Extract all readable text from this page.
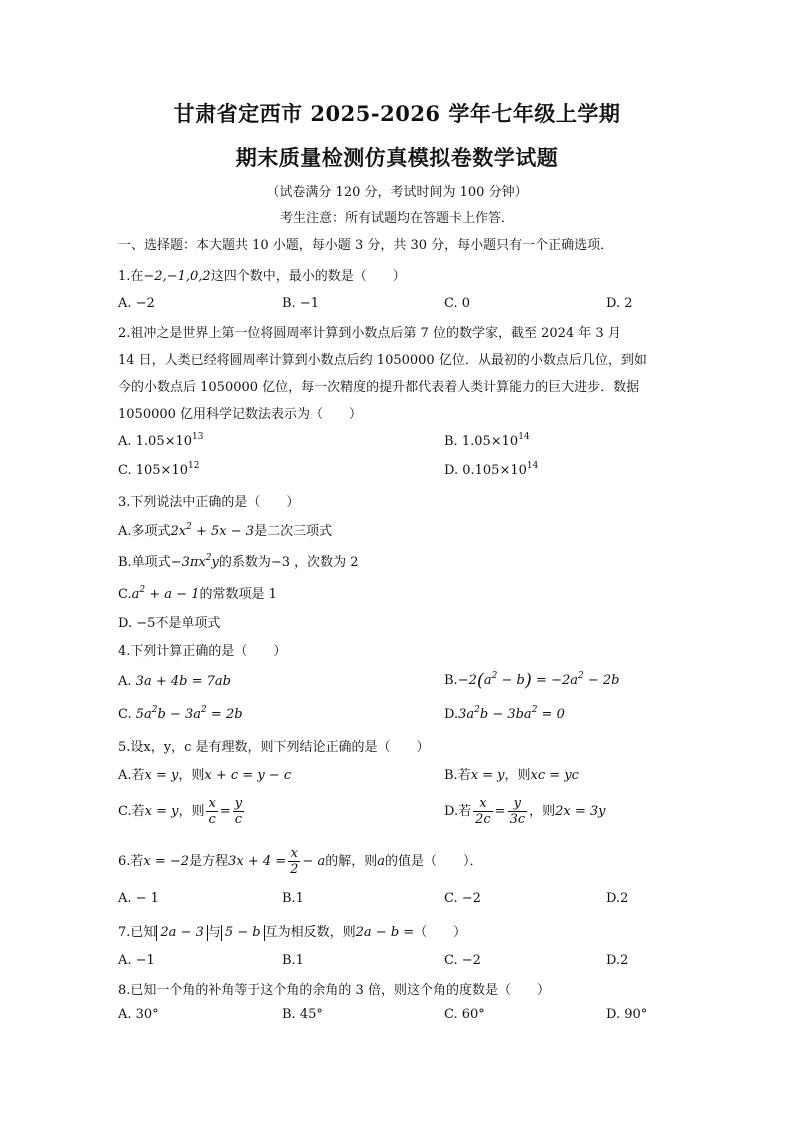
甘肃省定西市 2025-2026 学年七年级上学期
期末质量检测仿真模拟卷数学试题
（试卷满分 120 分，考试时间为 100 分钟）
考生注意：所有试题均在答题卡上作答．
一、选择题：本大题共 10 小题，每小题 3 分，共 30 分，每小题只有一个正确选项．
1.在−2,−1,0,2这四个数中，最小的数是（　　）
A. −2	B. −1	C. 0	D. 2
2.祖冲之是世界上第一位将圆周率计算到小数点后第 7 位的数学家，截至 2024 年 3 月
14 日，人类已经将圆周率计算到小数点后约 1050000 亿位．从最初的小数点后几位，到如
今的小数点后 1050000 亿位，每一次精度的提升都代表着人类计算能力的巨大进步．数据
1050000 亿用科学记数法表示为（　　）
A. $1.05\times 10^{13}$	B. $1.05\times 10^{14}$
C. $105\times 10^{12}$	D. $0.105\times 10^{14}$
3.下列说法中正确的是（　　）
A.多项式$2x^2 + 5x - 3$是二次三项式
B.单项式$-3\pi x^2y$的系数为−3 ，次数为 2
$C.a^2 + a - 1$的常数项是 1
D. −5不是单项式
4.下列计算正确的是（　　）
A. 3a + 4b = 7ab	$B.-2(a^2 - b) = -2a^2 - 2b$
C. $5a^2b - 3a^2 = 2b$	$D.3a^2b - 3ba^2 = 0$
5.设x，y，c 是有理数，则下列结论正确的是（　　）
A.若x = y，则x + c = y − c	B.若x = y，则xc = yc
C.若x = y，则 $\frac{x}{c} = \frac{y}{c}$	D.若 $\frac{x}{2c} = \frac{y}{3c}$ ，则2x = 3y
6.若x = −2是方程$3x + 4 = \frac{x}{2} - a$的解，则a的值是（　　）．
A. − 1	B.1	C. −2	D.2
7.已知 2a − 3 与 5 − b 互为相反数，则2a − b =（　　）
A. −1	B.1	C. −2	D.2
8.已知一个角的补角等于这个角的余角的 3 倍，则这个角的度数是（　　）
A. 30°	B. 45°	C. 60°	D. 90°
